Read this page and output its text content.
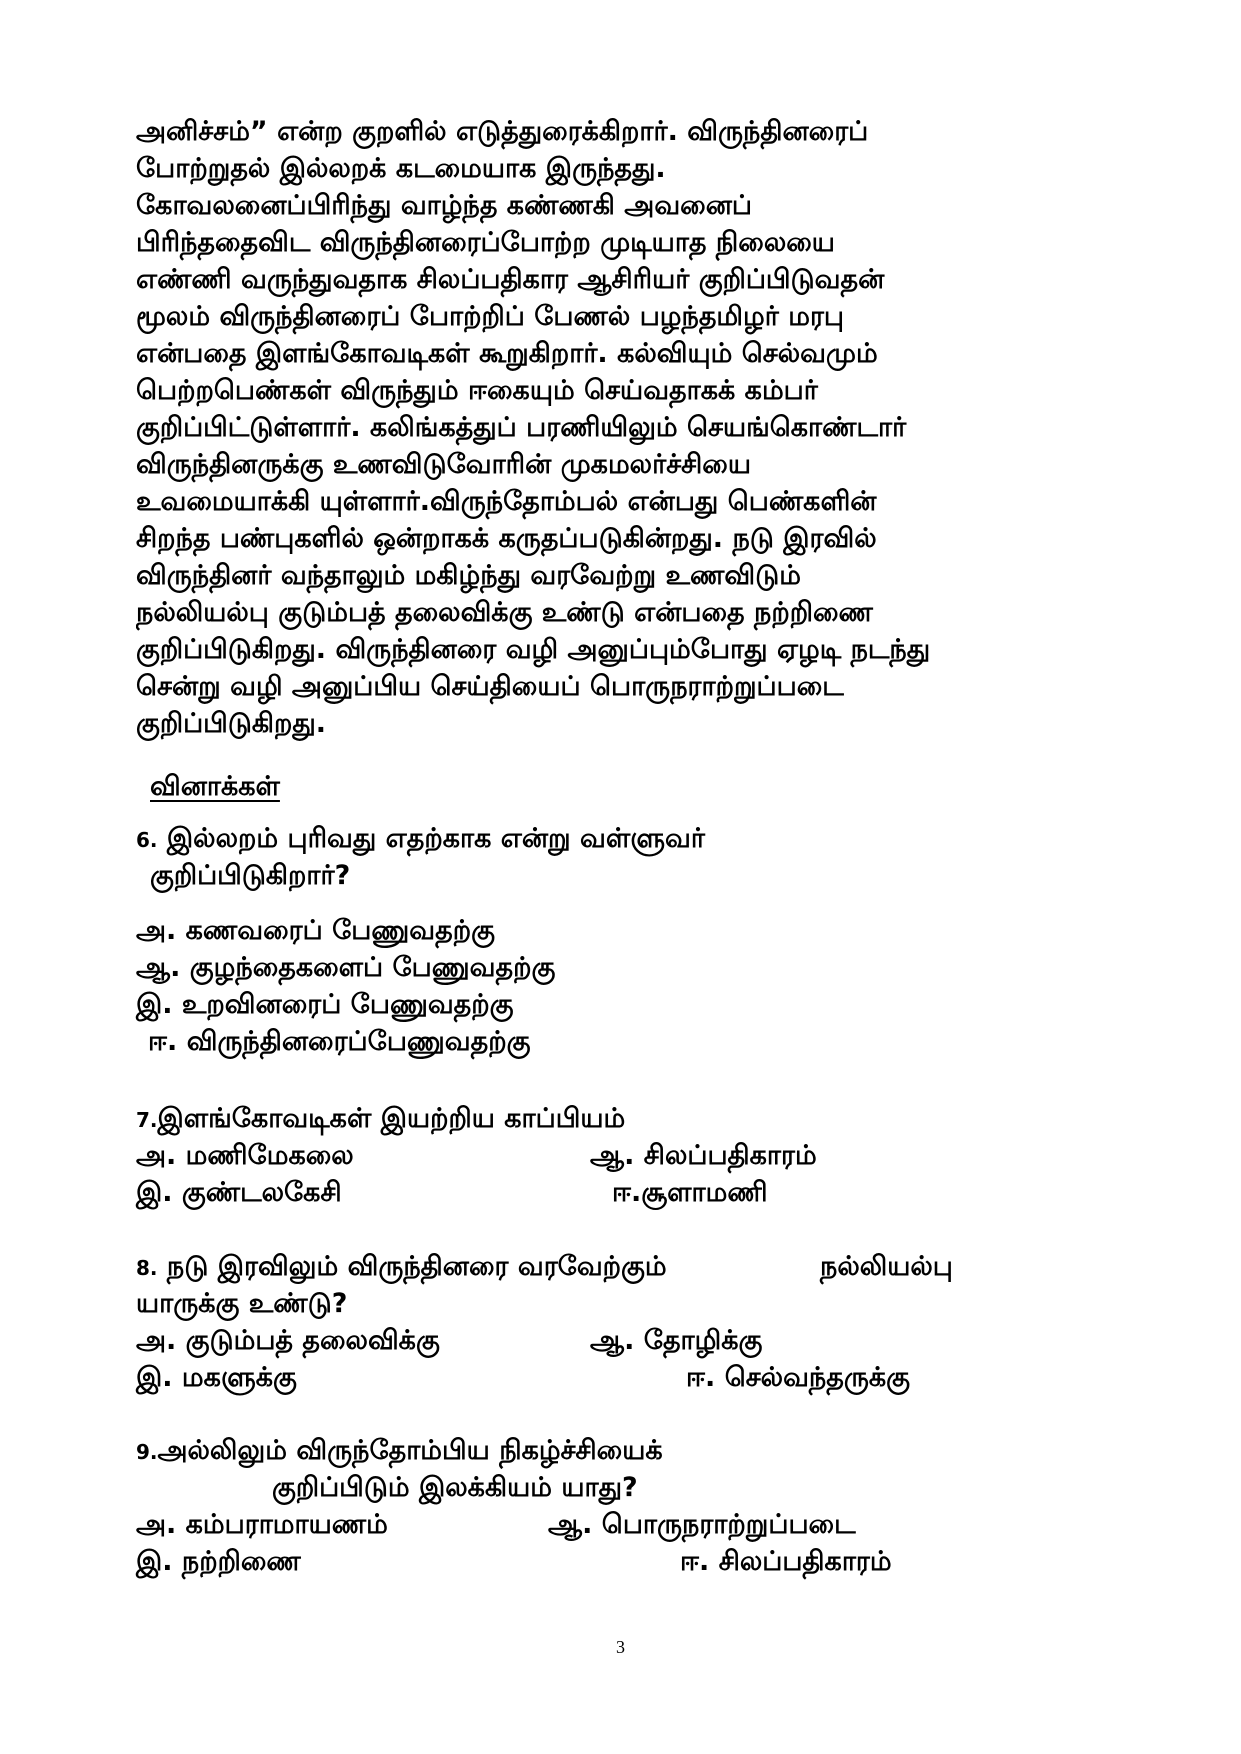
அனிச்சம்” என்ற குறளில் எடுத்துரைக்கிறார். விருந்தினரைப்
போற்றுதல் இல்லறக் கடமையாக இருந்தது.
கோவலனைப்பிரிந்து வாழ்ந்த கண்ணகி அவனைப்
பிரிந்ததைவிட விருந்தினரைப்போற்ற முடியாத நிலையை
எண்ணி வருந்துவதாக சிலப்பதிகார ஆசிரியர் குறிப்பிடுவதன்
மூலம் விருந்தினரைப் போற்றிப் பேணல் பழந்தமிழர் மரபு
என்பதை இளங்கோவடிகள் கூறுகிறார். கல்வியும் செல்வமும்
பெற்றபெண்கள் விருந்தும் ஈகையும் செய்வதாகக் கம்பர்
குறிப்பிட்டுள்ளார். கலிங்கத்துப் பரணியிலும் செயங்கொண்டார்
விருந்தினருக்கு உணவிடுவோரின் முகமலர்ச்சியை
உவமையாக்கி யுள்ளார்.விருந்தோம்பல் என்பது பெண்களின்
சிறந்த பண்புகளில் ஒன்றாகக் கருதப்படுகின்றது. நடு இரவில்
விருந்தினர் வந்தாலும் மகிழ்ந்து வரவேற்று உணவிடும்
நல்லியல்பு குடும்பத் தலைவிக்கு உண்டு என்பதை நற்றிணை
குறிப்பிடுகிறது. விருந்தினரை வழி அனுப்பும்போது ஏழடி நடந்து
சென்று வழி அனுப்பிய செய்தியைப் பொருநராற்றுப்படை
குறிப்பிடுகிறது.
வினாக்கள்
6. இல்லறம் புரிவது எதற்காக என்று வள்ளுவர்
குறிப்பிடுகிறார்?
அ. கணவரைப் பேணுவதற்கு
ஆ. குழந்தைகளைப் பேணுவதற்கு
இ. உறவினரைப் பேணுவதற்கு
ஈ. விருந்தினரைப்பேணுவதற்கு
7.இளங்கோவடிகள் இயற்றிய காப்பியம்
அ. மணிமேகலை	ஆ. சிலப்பதிகாரம்
இ. குண்டலகேசி	ஈ.சூளாமணி
8. நடு இரவிலும் விருந்தினரை வரவேற்கும்	நல்லியல்பு
யாருக்கு உண்டு?
அ. குடும்பத் தலைவிக்கு	ஆ. தோழிக்கு
இ. மகளுக்கு	ஈ. செல்வந்தருக்கு
9.அல்லிலும் விருந்தோம்பிய நிகழ்ச்சியைக்
குறிப்பிடும் இலக்கியம் யாது?
அ. கம்பராமாயணம்	ஆ. பொருநராற்றுப்படை
இ. நற்றிணை	ஈ. சிலப்பதிகாரம்
3
